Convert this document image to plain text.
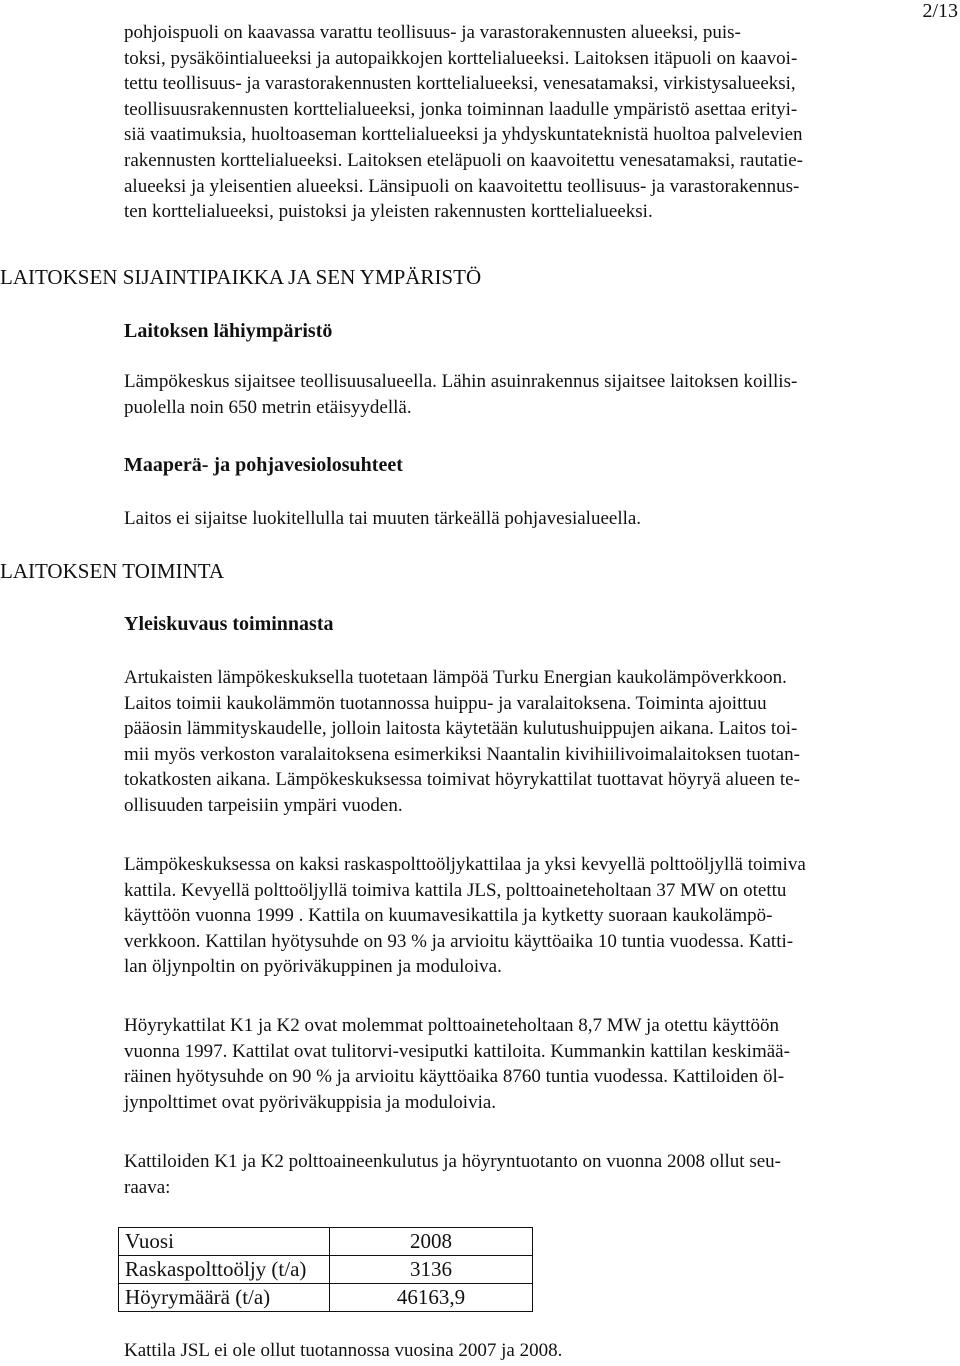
2/13
pohjoispuoli on kaavassa varattu teollisuus- ja varastorakennusten alueeksi, puis-
toksi, pysäköintialueeksi ja autopaikkojen korttelialueeksi. Laitoksen itäpuoli on kaavoi-
tettu teollisuus- ja varastorakennusten korttelialueeksi, venesatamaksi, virkistysalueeksi,
teollisuusrakennusten korttelialueeksi, jonka toiminnan laadulle ympäristö asettaa erityi-
siä vaatimuksia, huoltoaseman korttelialueeksi ja yhdyskuntateknistä huoltoa palvelevien
rakennusten korttelialueeksi. Laitoksen eteläpuoli on kaavoitettu venesatamaksi, rautatie-
alueeksi ja yleisentien alueeksi. Länsipuoli on kaavoitettu teollisuus- ja varastorakennus-
ten korttelialueeksi, puistoksi ja yleisten rakennusten korttelialueeksi.
LAITOKSEN SIJAINTIPAIKKA JA SEN YMPÄRISTÖ
Laitoksen lähiympäristö
Lämpökeskus sijaitsee teollisuusalueella. Lähin asuinrakennus sijaitsee laitoksen koillis-
puolella noin 650 metrin etäisyydellä.
Maaperä- ja pohjavesiolosuhteet
Laitos ei sijaitse luokitellulla tai muuten tärkeällä pohjavesialueella.
LAITOKSEN TOIMINTA
Yleiskuvaus toiminnasta
Artukaisten lämpökeskuksella tuotetaan lämpöä Turku Energian kaukolämpöverkkoon.
Laitos toimii kaukolämmön tuotannossa huippu- ja varalaitoksena. Toiminta ajoittuu
pääosin lämmityskaudelle, jolloin laitosta käytetään kulutushuippujen aikana. Laitos toi-
mii myös verkoston varalaitoksena esimerkiksi Naantalin kivihiilivoimalaitoksen tuotan-
tokatkosten aikana. Lämpökeskuksessa toimivat höyrykattilat tuottavat höyryä alueen te-
ollisuuden tarpeisiin ympäri vuoden.
Lämpökeskuksessa on kaksi raskaspolttoöljykattilaa ja yksi kevyellä polttoöljyllä toimiva
kattila. Kevyellä polttoöljyllä toimiva kattila JLS, polttoaineteholtaan 37 MW on otettu
käyttöön vuonna 1999 . Kattila on kuumavesikattila ja kytketty suoraan kaukolämpö-
verkkoon. Kattilan hyötysuhde on 93 % ja arvioitu käyttöaika 10 tuntia vuodessa. Katti-
lan öljynpoltin on pyöriväkuppinen ja moduloiva.
Höyrykattilat K1 ja K2 ovat molemmat polttoaineteholtaan 8,7 MW ja otettu käyttöön
vuonna 1997. Kattilat ovat tulitorvi-vesiputki kattiloita. Kummankin kattilan keskimää-
räinen hyötysuhde on 90 % ja arvioitu käyttöaika 8760 tuntia vuodessa. Kattiloiden öl-
jynpolttimet ovat pyöriväkuppisia ja moduloivia.
Kattiloiden K1 ja K2 polttoaineenkulutus ja höyryntuotanto on vuonna 2008 ollut seu-
raava:
Vuosi	2008
Raskaspolttoöljy (t/a)	3136
Höyrymäärä (t/a)	46163,9
Kattila JSL ei ole ollut tuotannossa vuosina 2007 ja 2008.
